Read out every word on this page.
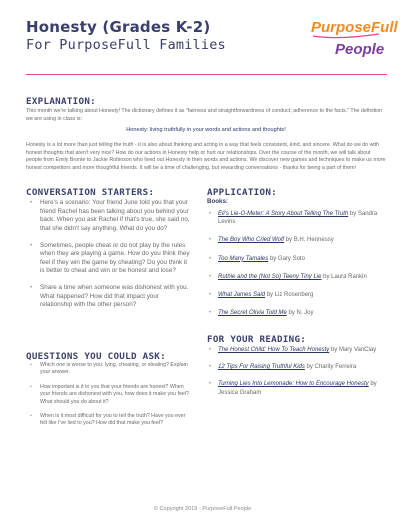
Honesty (Grades K-2)
For PurposeFull Families
PurposeFull
People
EXPLANATION:
This month we're talking about Honesty! The dictionary defines it as "fairness and straightforwardness of conduct; adherence to the facts." The definition we are using in class is:
Honesty: living truthfully in your words and actions and thoughts!
Honesty is a lot more than just telling the truth - it is also about thinking and acting in a way that feels consistent, kind, and sincere. What do we do with honest thoughts that aren't very nice? How do our actions in Honesty help or hurt our relationships. Over the course of the month, we will talk about people from Emily Bronte to Jackie Robinson who lived out Honesty in their words and actions. We discover new games and techniques to make us more honest competitors and more thoughtful friends. It will be a time of challenging, but rewarding conversations - thanks for being a part of them!
CONVERSATION STARTERS:
• Here's a scenario: Your friend June told you that your friend Rachel has been talking about you behind your back. When you ask Rachel if that's true, she said no, that she didn't say anything. What do you do?
• Sometimes, people cheat or do not play by the rules when they are playing a game. How do you think they feel if they win the game by cheating? Do you think it is better to cheat and win or be honest and lose?
• Share a time when someone was dishonest with you. What happened? How did that impact your relationship with the other person?
QUESTIONS YOU COULD ASK:
• Which one is worse to you: lying, cheating, or stealing? Explain your answer.
• How important is it to you that your friends are honest? When your friends are dishonest with you, how does it make you feel? What should you do about it?
• When is it most difficult for you to tell the truth? Have you ever felt like I've lied to you? How did that make you feel?
APPLICATION:
Books:
• Eli's Lie-O-Meter: A Story About Telling The Truth by Sandra Levins
• The Boy Who Cried Wolf by B.H. Hennessy
• Too Many Tamales by Gary Soto
• Ruthie and the (Not So) Teeny Tiny Lie by Laura Rankin
• What James Said by Liz Rosenberg
• The Secret Olivia Told Me by N. Joy
FOR YOUR READING:
• The Honest Child: How To Teach Honesty by Mary VanClay
• 12 Tips For Raising Truthful Kids by Charity Ferreira
• Turning Lies Into Lemonade: How to Encourage Honesty by Jessica Graham
© Copyright 2019 - PurposeFull People
